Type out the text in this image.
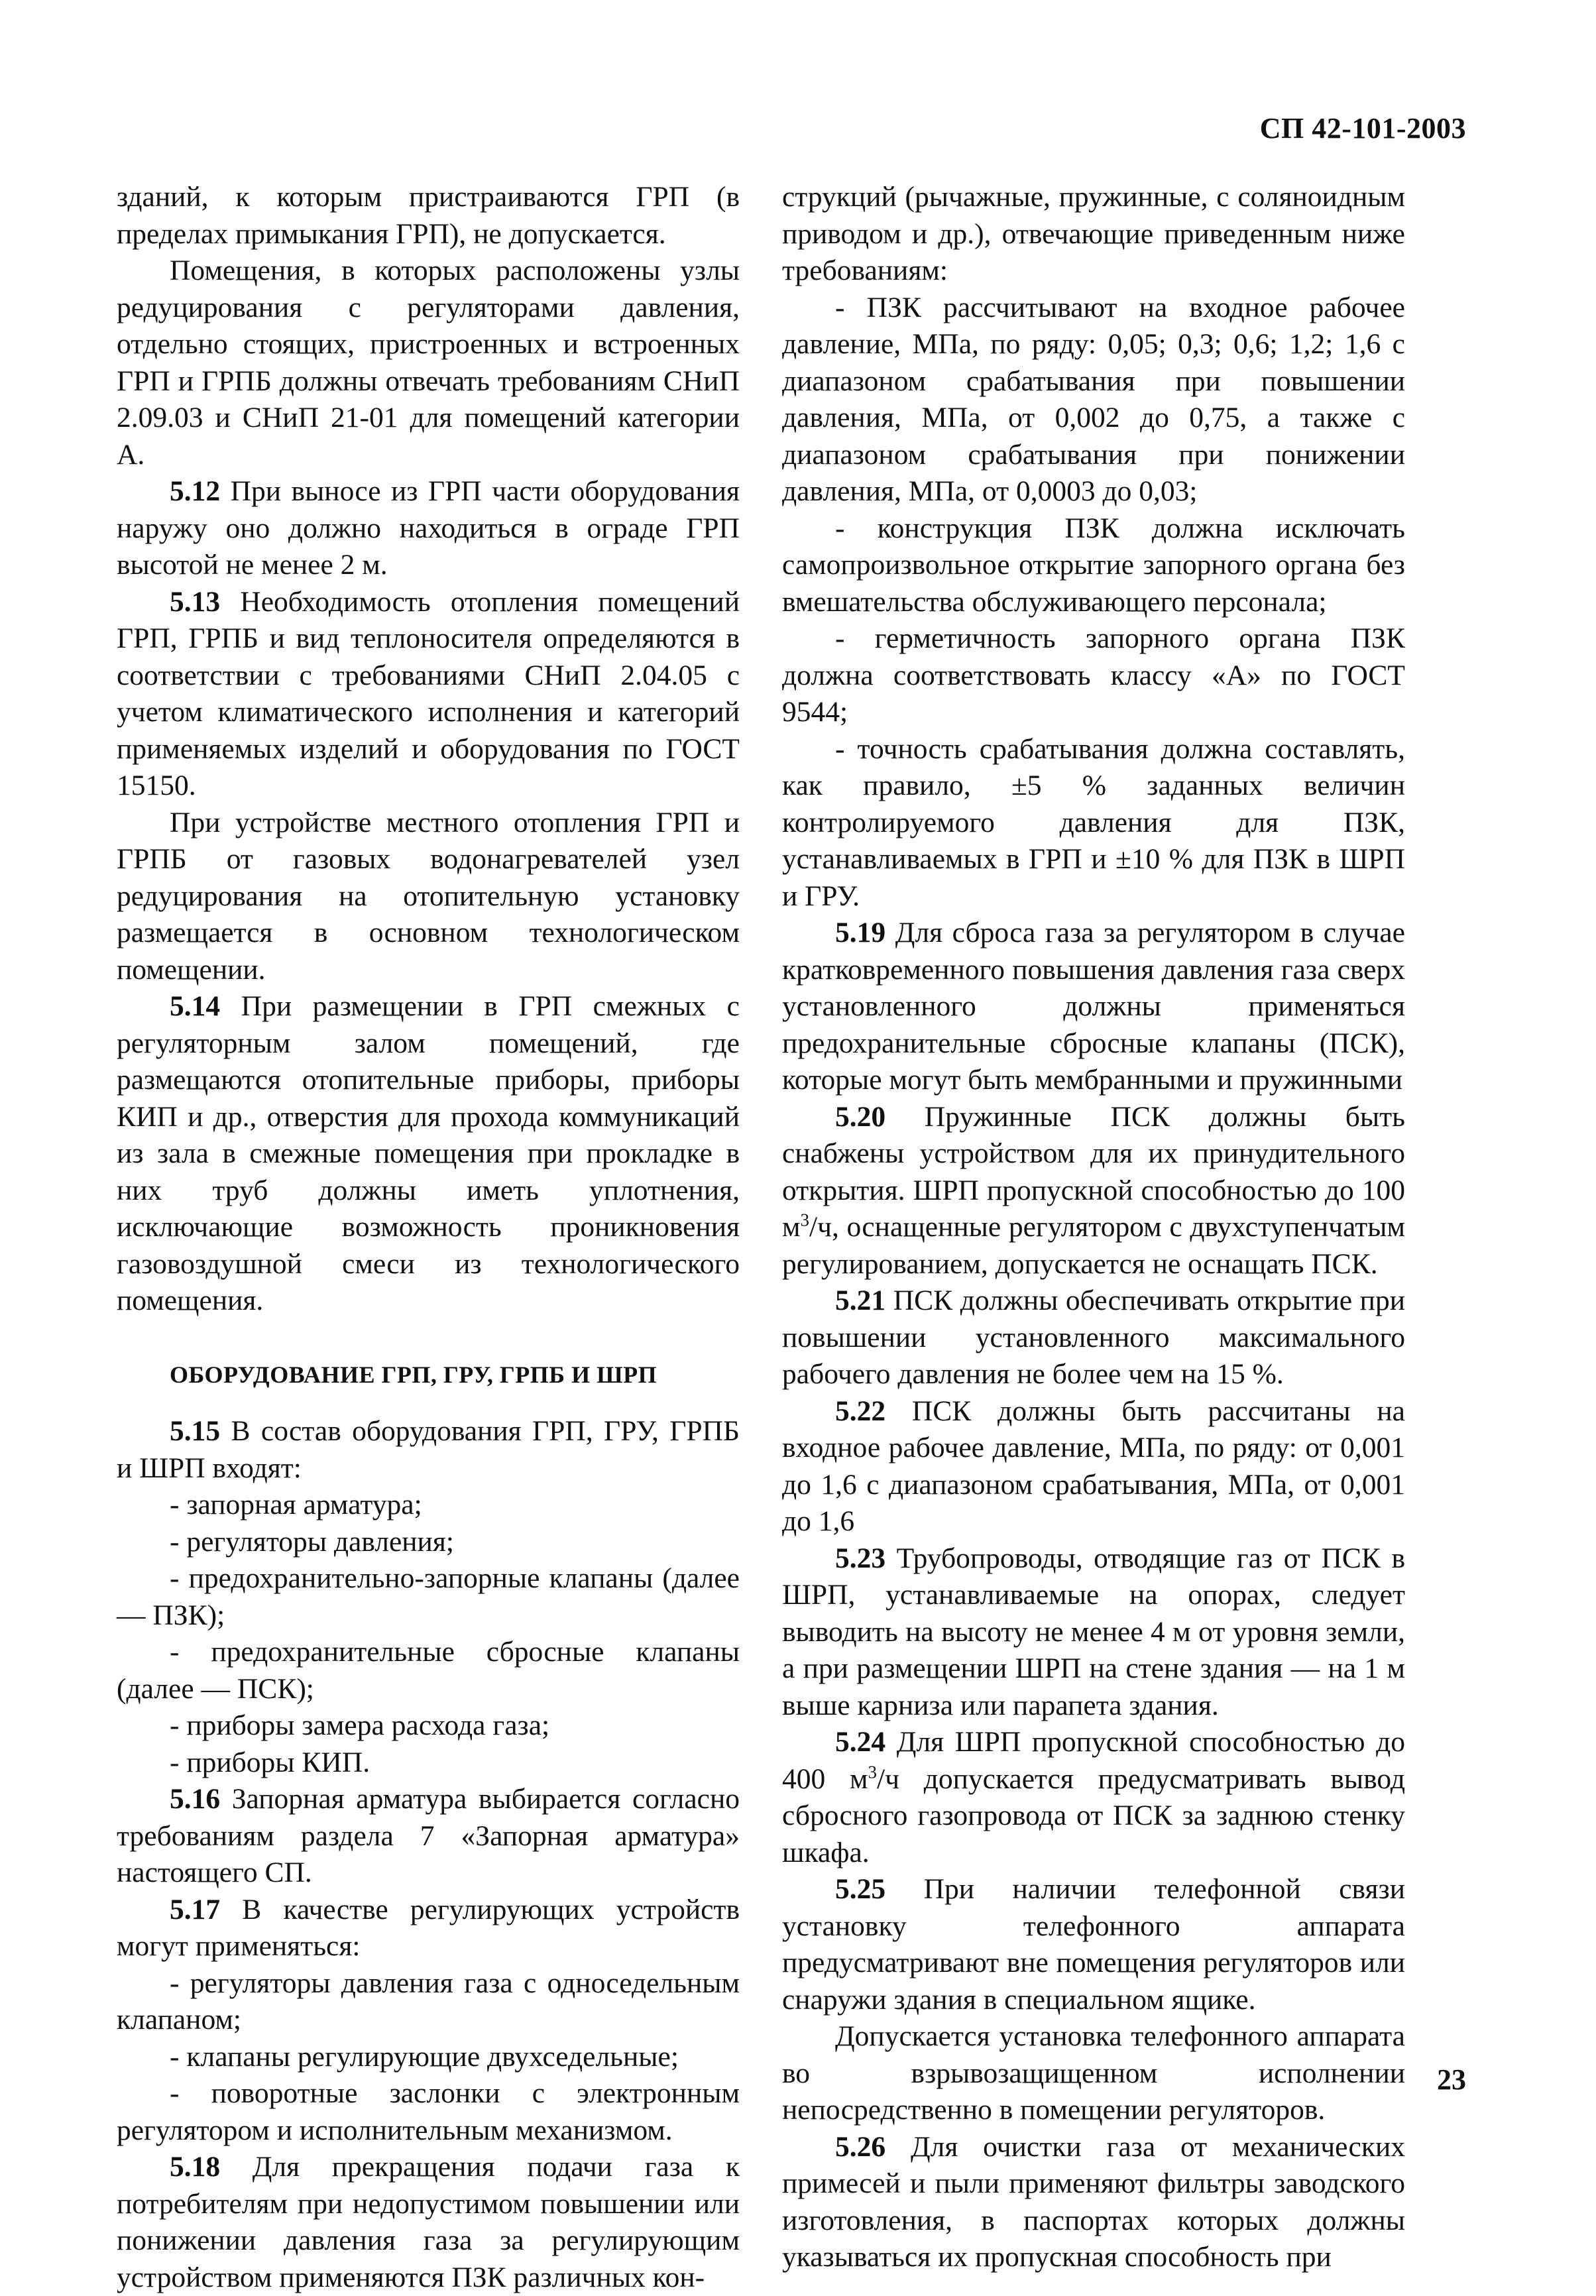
СП 42-101-2003

зданий, к которым пристраиваются ГРП (в пределах примыкания ГРП), не допускается.

Помещения, в которых расположены узлы редуцирования с регуляторами давления, отдельно стоящих, пристроенных и встроенных ГРП и ГРПБ должны отвечать требованиям СНиП 2.09.03 и СНиП 21-01 для помещений категории А.

5.12 При выносе из ГРП части оборудования наружу оно должно находиться в ограде ГРП высотой не менее 2 м.

5.13 Необходимость отопления помещений ГРП, ГРПБ и вид теплоносителя определяются в соответствии с требованиями СНиП 2.04.05 с учетом климатического исполнения и категорий применяемых изделий и оборудования по ГОСТ 15150.

При устройстве местного отопления ГРП и ГРПБ от газовых водонагревателей узел редуцирования на отопительную установку размещается в основном технологическом помещении.

5.14 При размещении в ГРП смежных с регуляторным залом помещений, где размещаются отопительные приборы, приборы КИП и др., отверстия для прохода коммуникаций из зала в смежные помещения при прокладке в них труб должны иметь уплотнения, исключающие возможность проникновения газовоздушной смеси из технологического помещения.

ОБОРУДОВАНИЕ ГРП, ГРУ, ГРПБ И ШРП

5.15 В состав оборудования ГРП, ГРУ, ГРПБ и ШРП входят:

- запорная арматура;

- регуляторы давления;

- предохранительно-запорные клапаны (далее — ПЗК);

- предохранительные сбросные клапаны (далее — ПСК);

- приборы замера расхода газа;

- приборы КИП.

5.16 Запорная арматура выбирается согласно требованиям раздела 7 «Запорная арматура» настоящего СП.

5.17 В качестве регулирующих устройств могут применяться:

- регуляторы давления газа с односедельным клапаном;

- клапаны регулирующие двухседельные;

- поворотные заслонки с электронным регулятором и исполнительным механизмом.

5.18 Для прекращения подачи газа к потребителям при недопустимом повышении или понижении давления газа за регулирующим устройством применяются ПЗК различных кон-

струкций (рычажные, пружинные, с соляноидным приводом и др.), отвечающие приведенным ниже требованиям:

- ПЗК рассчитывают на входное рабочее давление, МПа, по ряду: 0,05; 0,3; 0,6; 1,2; 1,6 с диапазоном срабатывания при повышении давления, МПа, от 0,002 до 0,75, а также с диапазоном срабатывания при понижении давления, МПа, от 0,0003 до 0,03;

- конструкция ПЗК должна исключать самопроизвольное открытие запорного органа без вмешательства обслуживающего персонала;

- герметичность запорного органа ПЗК должна соответствовать классу «А» по ГОСТ 9544;

- точность срабатывания должна составлять, как правило, ±5 % заданных величин контролируемого давления для ПЗК, устанавливаемых в ГРП и ±10 % для ПЗК в ШРП и ГРУ.

5.19 Для сброса газа за регулятором в случае кратковременного повышения давления газа сверх установленного должны применяться предохранительные сбросные клапаны (ПСК), которые могут быть мембранными и пружинными

5.20 Пружинные ПСК должны быть снабжены устройством для их принудительного открытия. ШРП пропускной способностью до 100 $м^3/ч$, оснащенные регулятором с двухступенчатым регулированием, допускается не оснащать ПСК.

5.21 ПСК должны обеспечивать открытие при повышении установленного максимального рабочего давления не более чем на 15 %.

5.22 ПСК должны быть рассчитаны на входное рабочее давление, МПа, по ряду: от 0,001 до 1,6 с диапазоном срабатывания, МПа, от 0,001 до 1,6

5.23 Трубопроводы, отводящие газ от ПСК в ШРП, устанавливаемые на опорах, следует выводить на высоту не менее 4 м от уровня земли, а при размещении ШРП на стене здания — на 1 м выше карниза или парапета здания.

5.24 Для ШРП пропускной способностью до 400 $м^3/ч$ допускается предусматривать вывод сбросного газопровода от ПСК за заднюю стенку шкафа.

5.25 При наличии телефонной связи установку телефонного аппарата предусматривают вне помещения регуляторов или снаружи здания в специальном ящике.

Допускается установка телефонного аппарата во взрывозащищенном исполнении непосредственно в помещении регуляторов.

5.26 Для очистки газа от механических примесей и пыли применяют фильтры заводского изготовления, в паспортах которых должны указываться их пропускная способность при

23
